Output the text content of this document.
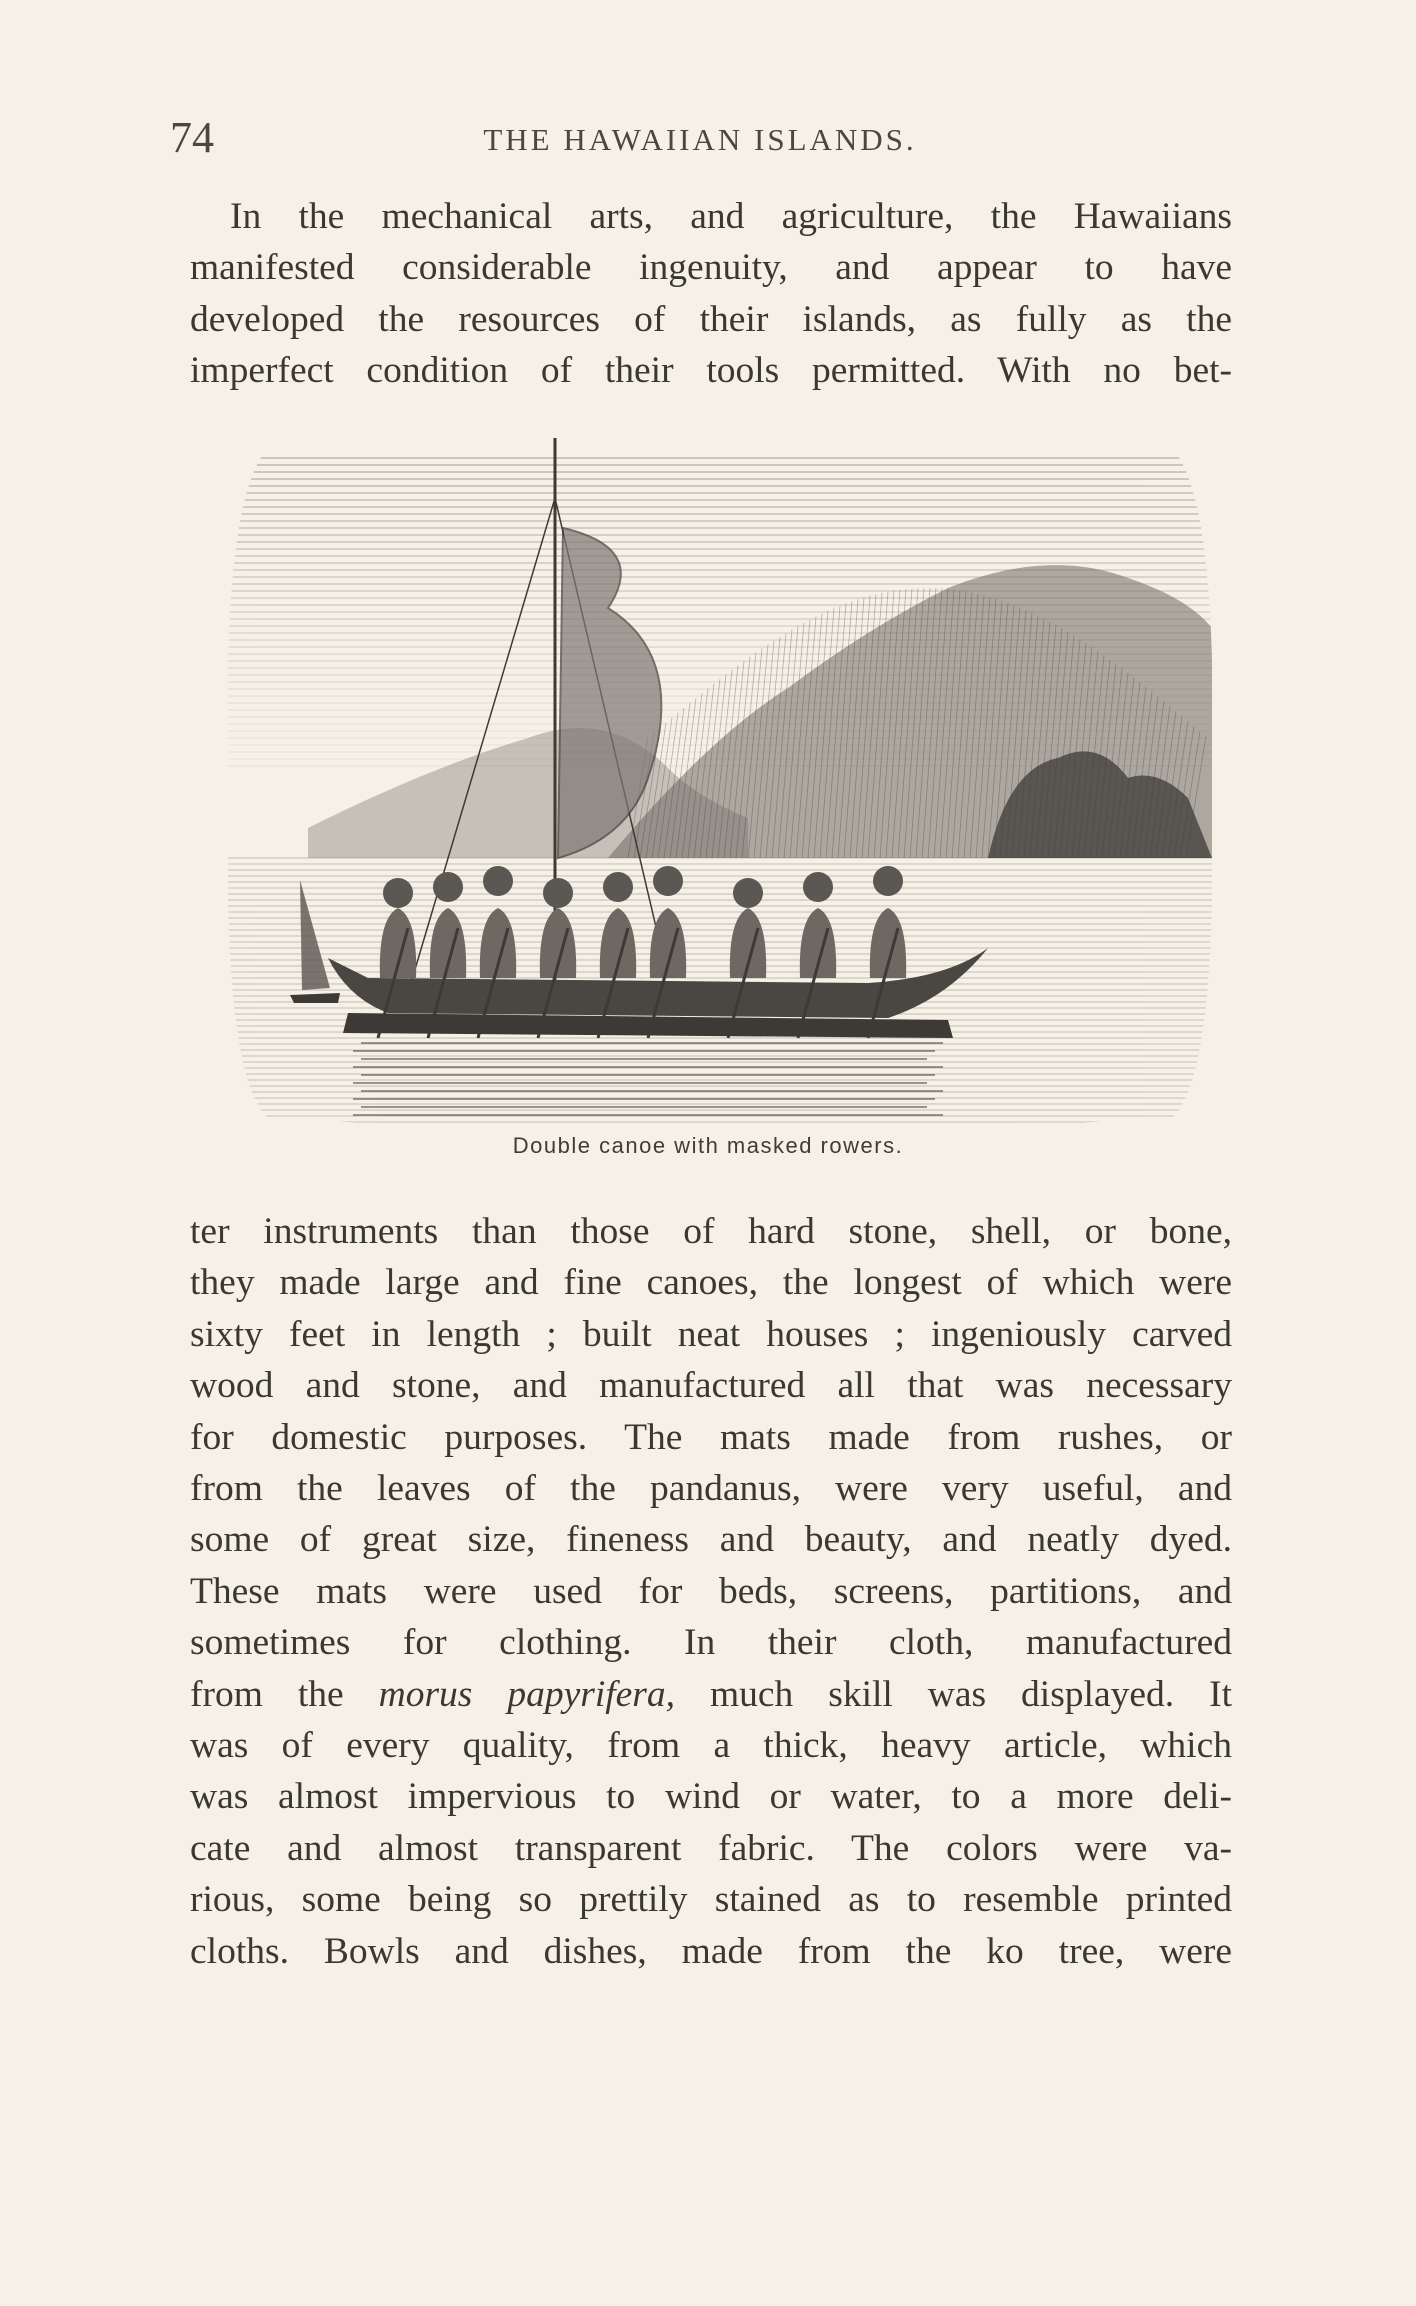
74	THE HAWAIIAN ISLANDS.

In the mechanical arts, and agriculture, the Hawaiians
manifested considerable ingenuity, and appear to have
developed the resources of their islands, as fully as the
imperfect condition of their tools permitted. With no bet-

Double canoe with masked rowers.

ter instruments than those of hard stone, shell, or bone,
they made large and fine canoes, the longest of which were
sixty feet in length ; built neat houses ; ingeniously carved
wood and stone, and manufactured all that was necessary
for domestic purposes. The mats made from rushes, or
from the leaves of the pandanus, were very useful, and
some of great size, fineness and beauty, and neatly dyed.
These mats were used for beds, screens, partitions, and
sometimes for clothing. In their cloth, manufactured
from the morus papyrifera, much skill was displayed. It
was of every quality, from a thick, heavy article, which
was almost impervious to wind or water, to a more deli-
cate and almost transparent fabric. The colors were va-
rious, some being so prettily stained as to resemble printed
cloths. Bowls and dishes, made from the ko tree, were
